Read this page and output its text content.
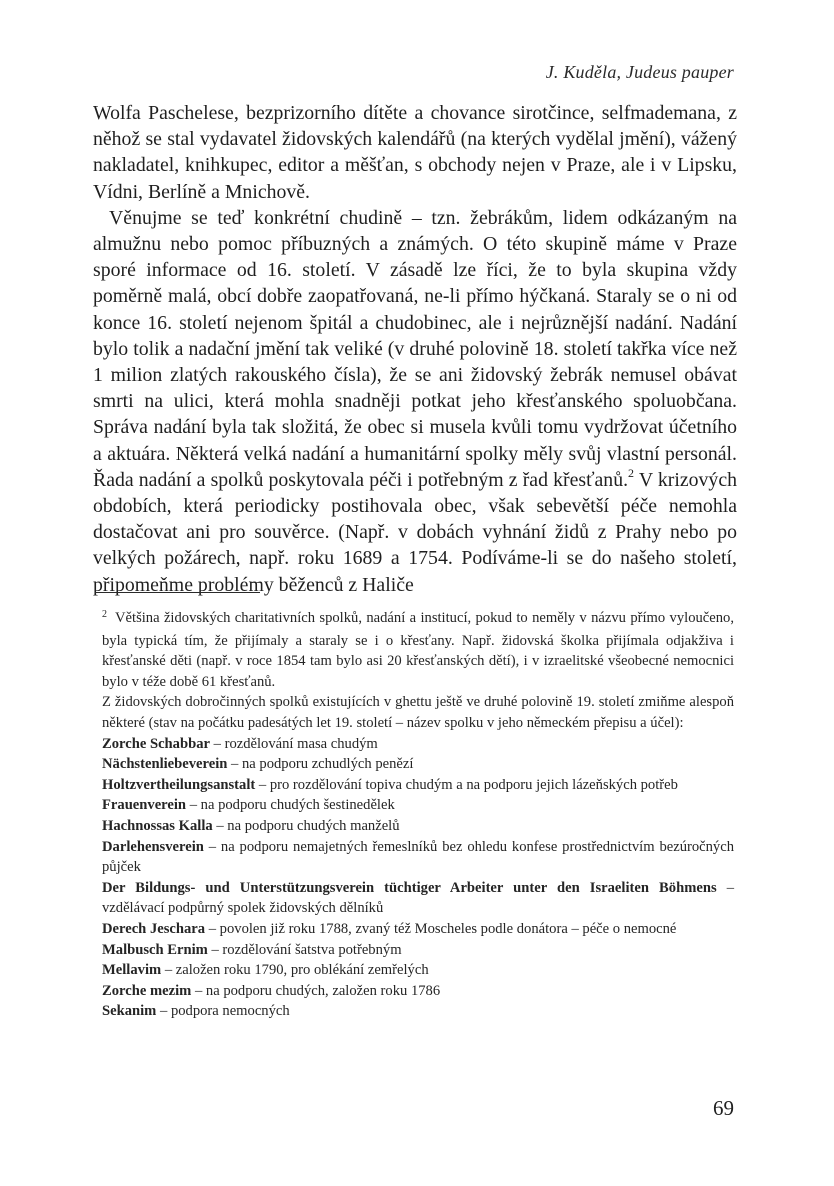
J. Kuděla, Judeus pauper

Wolfa Paschelese, bezprizorního dítěte a chovance sirotčince, selfmademana, z něhož se stal vydavatel židovských kalendářů (na kterých vydělal jmění), vážený nakladatel, knihkupec, editor a měšťan, s obchody nejen v Praze, ale i v Lipsku, Vídni, Berlíně a Mnichově.

Věnujme se teď konkrétní chudině – tzn. žebrákům, lidem odkázaným na almužnu nebo pomoc příbuzných a známých. O této skupině máme v Praze sporé informace od 16. století. V zásadě lze říci, že to byla skupina vždy poměrně malá, obcí dobře zaopatřovaná, ne-li přímo hýčkaná. Staraly se o ni od konce 16. století nejenom špitál a chudobinec, ale i nejrůznější nadání. Nadání bylo tolik a nadační jmění tak veliké (v druhé polovině 18. století takřka více než 1 milion zlatých rakouského čísla), že se ani židovský žebrák nemusel obávat smrti na ulici, která mohla snadněji potkat jeho křesťanského spoluobčana. Správa nadání byla tak složitá, že obec si musela kvůli tomu vydržovat účetního a aktuára. Některá velká nadání a humanitární spolky měly svůj vlastní personál. Řada nadání a spolků poskytovala péči i potřebným z řad křesťanů.$^2$ V krizových obdobích, která periodicky postihovala obec, však sebevětší péče nemohla dostačovat ani pro souvěrce. (Např. v dobách vyhnání židů z Prahy nebo po velkých požárech, např. roku 1689 a 1754. Podíváme-li se do našeho století, připomeňme problémy běženců z Haliče

$^2$ Většina židovských charitativních spolků, nadání a institucí, pokud to neměly v názvu přímo vyloučeno, byla typická tím, že přijímaly a staraly se i o křesťany. Např. židovská školka přijímala odjakživa i křesťanské děti (např. v roce 1854 tam bylo asi 20 křesťanských dětí), i v izraelitské všeobecné nemocnici bylo v téže době 61 křesťanů.

Z židovských dobročinných spolků existujících v ghettu ještě ve druhé polovině 19. století zmiňme alespoň některé (stav na počátku padesátých let 19. století – název spolku v jeho německém přepisu a účel):

Zorche Schabbar – rozdělování masa chudým
Nächstenliebeverein – na podporu zchudlých penězí
Holtzvertheilungsanstalt – pro rozdělování topiva chudým a na podporu jejich lázeňských potřeb
Frauenverein – na podporu chudých šestinedělek
Hachnossas Kalla – na podporu chudých manželů
Darlehensverein – na podporu nemajetných řemeslníků bez ohledu konfese prostřednictvím bezúročných půjček
Der Bildungs- und Unterstützungsverein tüchtiger Arbeiter unter den Israeliten Böhmens – vzdělávací podpůrný spolek židovských dělníků
Derech Jeschara – povolen již roku 1788, zvaný též Moscheles podle donátora – péče o nemocné
Malbusch Ernim – rozdělování šatstva potřebným
Mellavim – založen roku 1790, pro oblékání zemřelých
Zorche mezim – na podporu chudých, založen roku 1786
Sekanim – podpora nemocných
69
